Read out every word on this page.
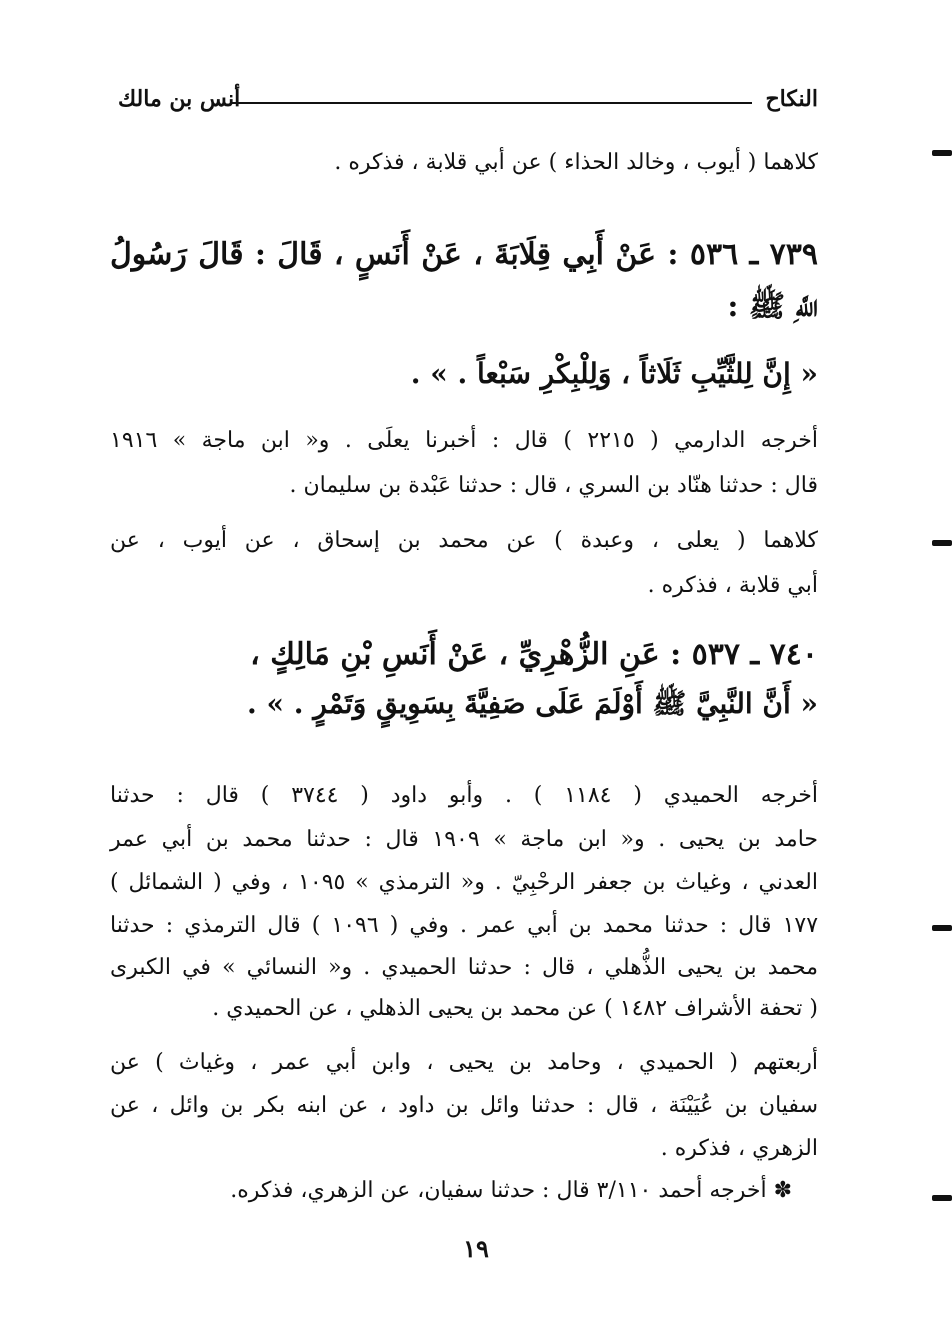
النكاح
أنس بن مالك
كلاهما ( أيوب ، وخالد الحذاء ) عن أبي قلابة ، فذكره .
٧٣٩ ـ ٥٣٦ : عَنْ أَبِي قِلَابَةَ ، عَنْ أَنَسٍ ، قَالَ : قَالَ رَسُولُ
اللَّهِ ﷺ :
« إِنَّ لِلثَّيِّبِ ثَلَاثاً ، وَلِلْبِكْرِ سَبْعاً . » .
أخرجه الدارمي ( ٢٢١٥ ) قال : أخبرنا يعلَى . و« ابن ماجة » ١٩١٦
قال : حدثنا هنّاد بن السري ، قال : حدثنا عَبْدة بن سليمان .
كلاهما ( يعلى ، وعبدة ) عن محمد بن إسحاق ، عن أيوب ، عن
أبي قلابة ، فذكره .
٧٤٠ ـ ٥٣٧ : عَنِ الزُّهْرِيِّ ، عَنْ أَنَسِ بْنِ مَالِكٍ ،
« أَنَّ النَّبِيَّ ﷺ أَوْلَمَ عَلَى صَفِيَّةَ بِسَوِيقٍ وَتَمْرٍ . » .
أخرجه الحميدي ( ١١٨٤ ) . وأبو داود ( ٣٧٤٤ ) قال : حدثنا
حامد بن يحيى . و« ابن ماجة » ١٩٠٩ قال : حدثنا محمد بن أبي عمر
العدني ، وغياث بن جعفر الرحْبِيّ . و« الترمذي » ١٠٩٥ ، وفي ( الشمائل )
١٧٧ قال : حدثنا محمد بن أبي عمر . وفي ( ١٠٩٦ ) قال الترمذي : حدثنا
محمد بن يحيى الذُّهلي ، قال : حدثنا الحميدي . و« النسائي » في الكبرى
( تحفة الأشراف ١٤٨٢ ) عن محمد بن يحيى الذهلي ، عن الحميدي .
أربعتهم ( الحميدي ، وحامد بن يحيى ، وابن أبي عمر ، وغياث ) عن
سفيان بن عُيَيْنَة ، قال : حدثنا وائل بن داود ، عن ابنه بكر بن وائل ، عن
الزهري ، فذكره .
✽ أخرجه أحمد ٣/١١٠ قال : حدثنا سفيان، عن الزهري، فذكره.
١٩
